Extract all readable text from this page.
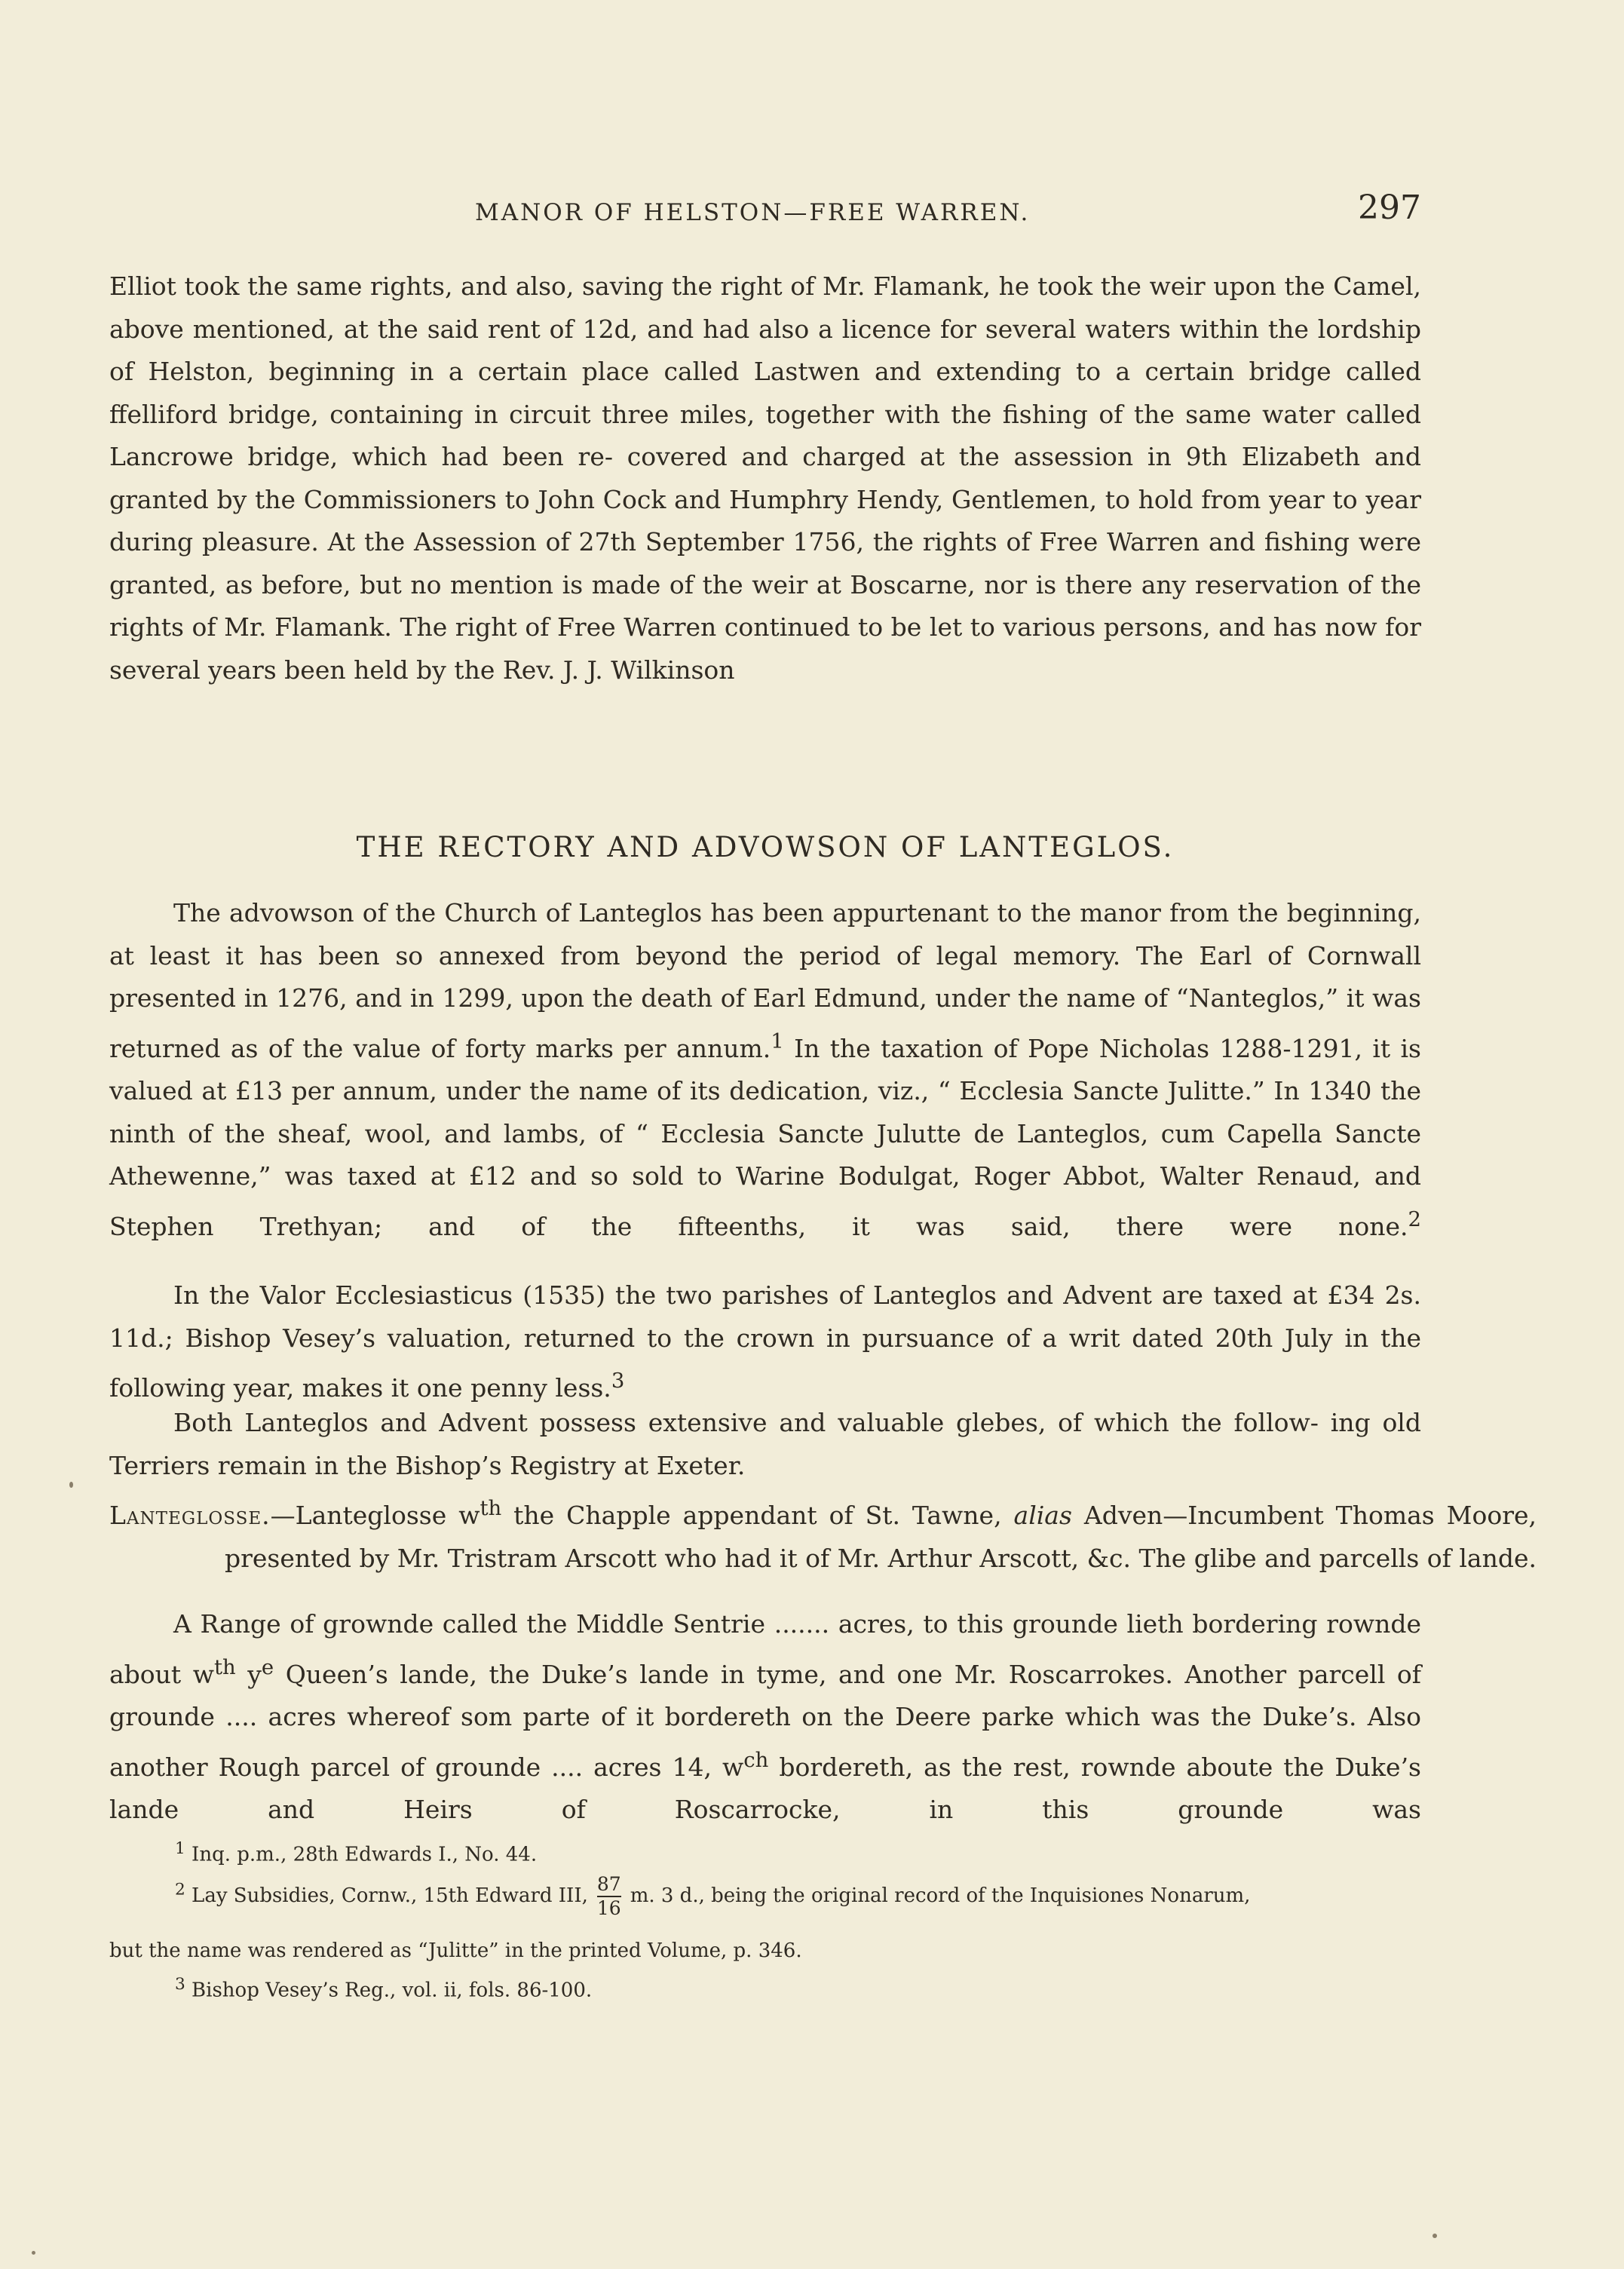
MANOR OF HELSTON—FREE WARREN.	297
Elliot took the same rights, and also, saving the right of Mr. Flamank, he took the weir upon the Camel, above mentioned, at the said rent of 12d, and had also a licence for several waters within the lordship of Helston, beginning in a certain place called Lastwen and extending to a certain bridge called ffelliford bridge, containing in circuit three miles, together with the fishing of the same water called Lancrowe bridge, which had been re- covered and charged at the assession in 9th Elizabeth and granted by the Commissioners to John Cock and Humphry Hendy, Gentlemen, to hold from year to year during pleasure. At the Assession of 27th September 1756, the rights of Free Warren and fishing were granted, as before, but no mention is made of the weir at Boscarne, nor is there any reservation of the rights of Mr. Flamank. The right of Free Warren continued to be let to various persons, and has now for several years been held by the Rev. J. J. Wilkinson
THE RECTORY AND ADVOWSON OF LANTEGLOS.
The advowson of the Church of Lanteglos has been appurtenant to the manor from the beginning, at least it has been so annexed from beyond the period of legal memory. The Earl of Cornwall presented in 1276, and in 1299, upon the death of Earl Edmund, under the name of “Nanteglos,” it was returned as of the value of forty marks per annum.$^1$ In the taxation of Pope Nicholas 1288-1291, it is valued at £13 per annum, under the name of its dedication, viz., “ Ecclesia Sancte Julitte.” In 1340 the ninth of the sheaf, wool, and lambs, of “ Ecclesia Sancte Julutte de Lanteglos, cum Capella Sancte Athewenne,” was taxed at £12 and so sold to Warine Bodulgat, Roger Abbot, Walter Renaud, and Stephen Trethyan; and of the fifteenths, it was said, there were none.$^2$
In the Valor Ecclesiasticus (1535) the two parishes of Lanteglos and Advent are taxed at £34 2s. 11d.; Bishop Vesey’s valuation, returned to the crown in pursuance of a writ dated 20th July in the following year, makes it one penny less.$^3$
Both Lanteglos and Advent possess extensive and valuable glebes, of which the follow- ing old Terriers remain in the Bishop’s Registry at Exeter.
Lanteglosse.—Lanteglosse $w^{th}$ the Chapple appendant of St. Tawne, alias Adven—Incumbent Thomas Moore, presented by Mr. Tristram Arscott who had it of Mr. Arthur Arscott, &c. The glibe and parcells of lande.
A Range of grownde called the Middle Sentrie ....... acres, to this grounde lieth bordering rownde about $w^{th}$ $y^e$ Queen’s lande, the Duke’s lande in tyme, and one Mr. Roscarrokes. Another parcell of grounde .... acres whereof som parte of it bordereth on the Deere parke which was the Duke’s. Also another Rough parcel of grounde .... acres 14, $w^{ch}$ bordereth, as the rest, rownde aboute the Duke’s lande and Heirs of Roscarrocke, in this grounde was
$^1$ Inq. p.m., 28th Edwards I., No. 44.
$^2$ Lay Subsidies, Cornw., 15th Edward III, $\frac{87}{16} m$. 3 d., being the original record of the Inquisiones Nonarum,
but the name was rendered as “Julitte” in the printed Volume, p. 346.
$^3$ Bishop Vesey’s Reg., vol. ii, fols. 86-100.
